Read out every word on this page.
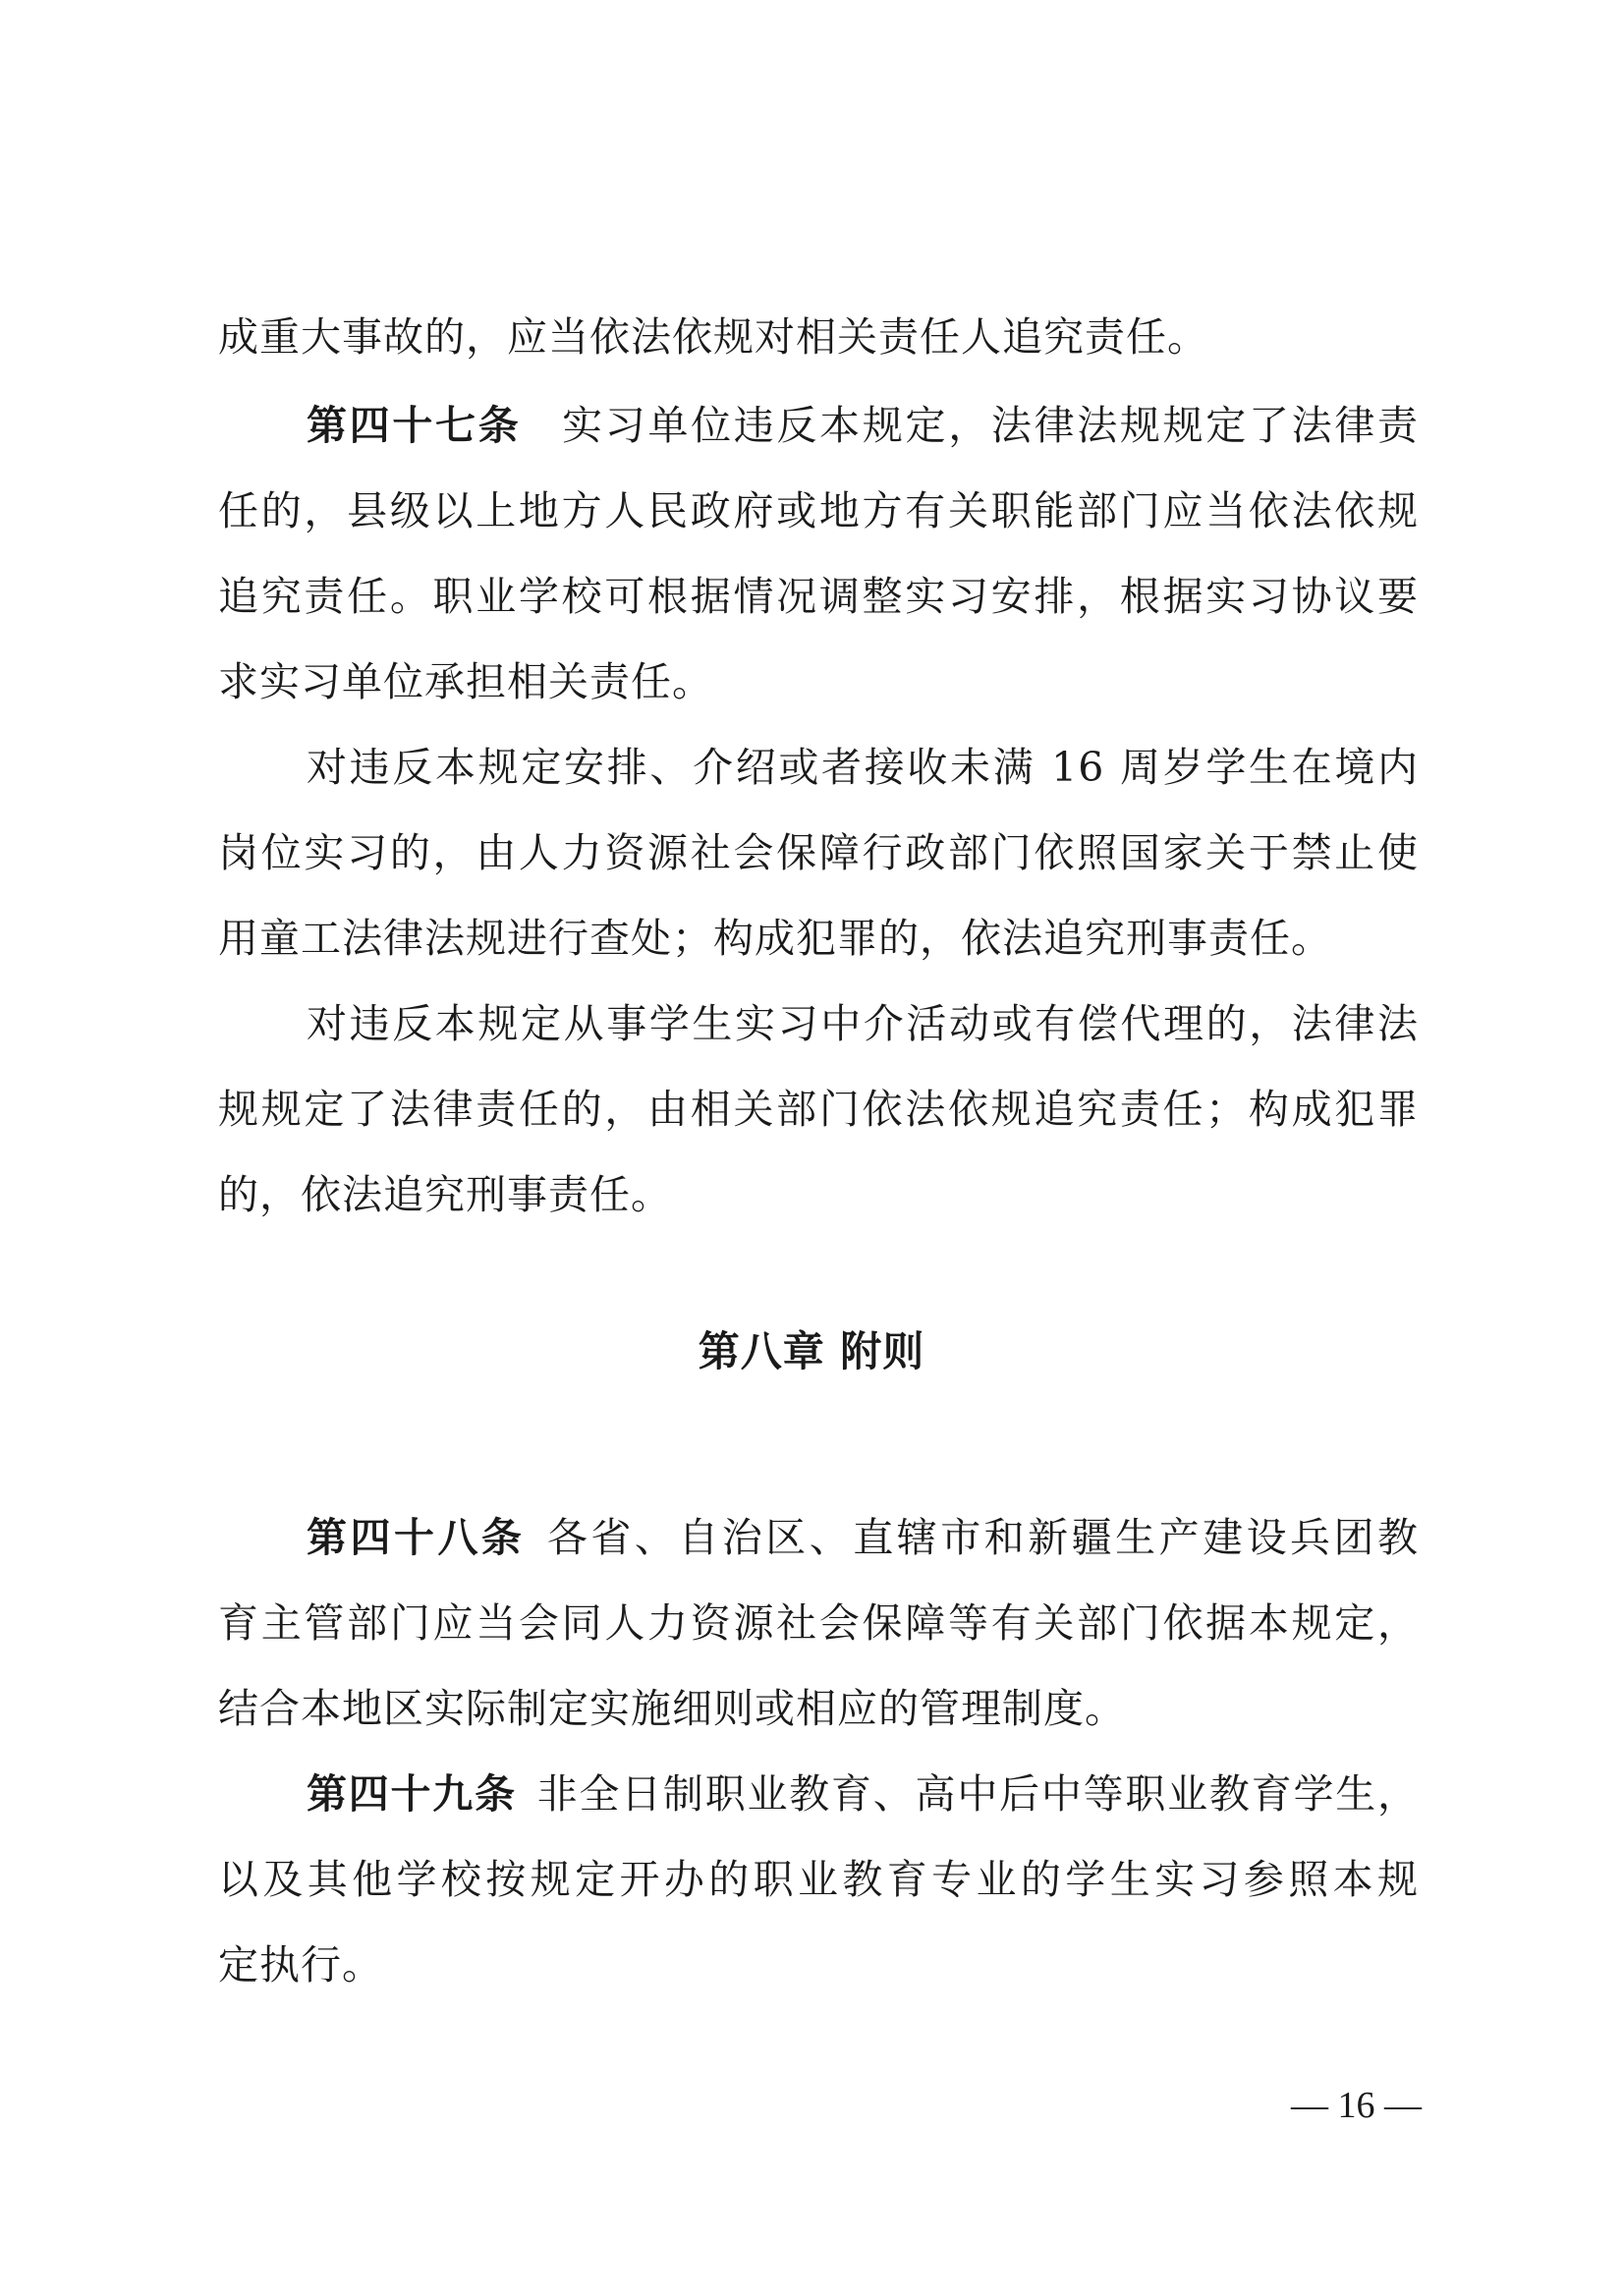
成重大事故的，应当依法依规对相关责任人追究责任。
第四十七条 实习单位违反本规定，法律法规规定了法律责
任的，县级以上地方人民政府或地方有关职能部门应当依法依规
追究责任。职业学校可根据情况调整实习安排，根据实习协议要
求实习单位承担相关责任。
对违反本规定安排、介绍或者接收未满 16 周岁学生在境内
岗位实习的，由人力资源社会保障行政部门依照国家关于禁止使
用童工法律法规进行查处；构成犯罪的，依法追究刑事责任。
对违反本规定从事学生实习中介活动或有偿代理的，法律法
规规定了法律责任的，由相关部门依法依规追究责任；构成犯罪
的，依法追究刑事责任。
第八章 附则
第四十八条 各省、自治区、直辖市和新疆生产建设兵团教
育主管部门应当会同人力资源社会保障等有关部门依据本规定，
结合本地区实际制定实施细则或相应的管理制度。
第四十九条 非全日制职业教育、高中后中等职业教育学生，
以及其他学校按规定开办的职业教育专业的学生实习参照本规
定执行。
— 16 —
